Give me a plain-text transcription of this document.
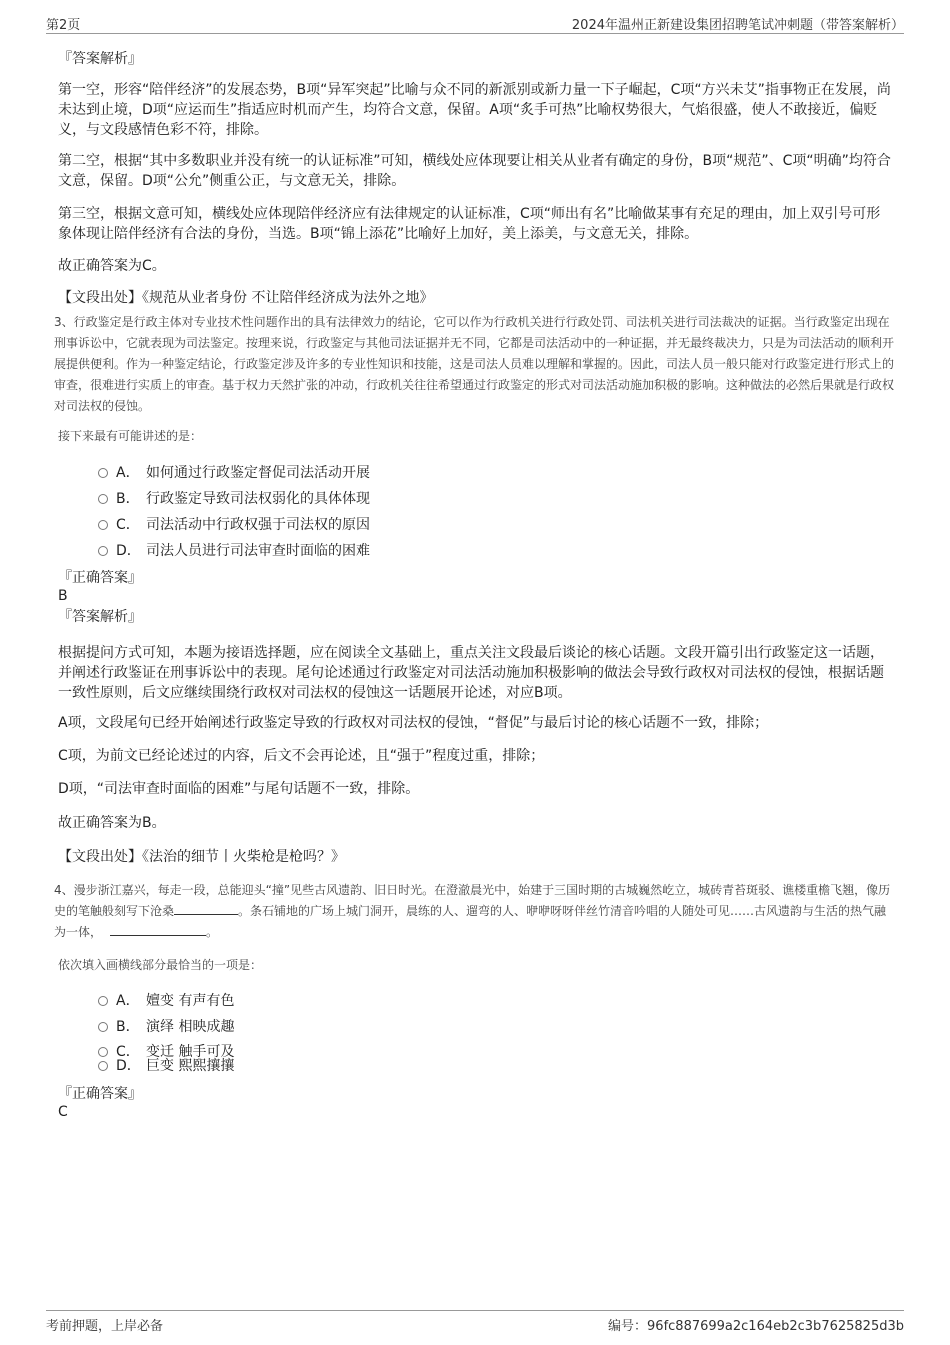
第2页	2024年温州正新建设集团招聘笔试冲刺题（带答案解析）
『答案解析』
第一空，形容“陪伴经济”的发展态势，B项“异军突起”比喻与众不同的新派别或新力量一下子崛起，C项“方兴未艾”指事物正在发展，尚未达到止境，D项“应运而生”指适应时机而产生，均符合文意，保留。A项“炙手可热”比喻权势很大，气焰很盛，使人不敢接近，偏贬义，与文段感情色彩不符，排除。
第二空，根据“其中多数职业并没有统一的认证标准”可知，横线处应体现要让相关从业者有确定的身份，B项“规范”、C项“明确”均符合文意，保留。D项“公允”侧重公正，与文意无关，排除。
第三空，根据文意可知，横线处应体现陪伴经济应有法律规定的认证标准，C项“师出有名”比喻做某事有充足的理由，加上双引号可形象体现让陪伴经济有合法的身份，当选。B项“锦上添花”比喻好上加好，美上添美，与文意无关，排除。
故正确答案为C。
【文段出处】《规范从业者身份 不让陪伴经济成为法外之地》
3、行政鉴定是行政主体对专业技术性问题作出的具有法律效力的结论，它可以作为行政机关进行行政处罚、司法机关进行司法裁决的证据。当行政鉴定出现在刑事诉讼中，它就表现为司法鉴定。按理来说，行政鉴定与其他司法证据并无不同，它都是司法活动中的一种证据，并无最终裁决力，只是为司法活动的顺利开展提供便利。作为一种鉴定结论，行政鉴定涉及许多的专业性知识和技能，这是司法人员难以理解和掌握的。因此，司法人员一般只能对行政鉴定进行形式上的审查，很难进行实质上的审查。基于权力天然扩张的冲动，行政机关往往希望通过行政鉴定的形式对司法活动施加积极的影响。这种做法的必然后果就是行政权对司法权的侵蚀。
接下来最有可能讲述的是：
A． 如何通过行政鉴定督促司法活动开展
B． 行政鉴定导致司法权弱化的具体体现
C． 司法活动中行政权强于司法权的原因
D． 司法人员进行司法审查时面临的困难
『正确答案』
B
『答案解析』
根据提问方式可知，本题为接语选择题，应在阅读全文基础上，重点关注文段最后谈论的核心话题。文段开篇引出行政鉴定这一话题，并阐述行政鉴证在刑事诉讼中的表现。尾句论述通过行政鉴定对司法活动施加积极影响的做法会导致行政权对司法权的侵蚀，根据话题一致性原则，后文应继续围绕行政权对司法权的侵蚀这一话题展开论述，对应B项。
A项，文段尾句已经开始阐述行政鉴定导致的行政权对司法权的侵蚀，“督促”与最后讨论的核心话题不一致，排除；
C项，为前文已经论述过的内容，后文不会再论述，且“强于”程度过重，排除；
D项，“司法审查时面临的困难”与尾句话题不一致，排除。
故正确答案为B。
【文段出处】《法治的细节丨火柴枪是枪吗？》
4、漫步浙江嘉兴，每走一段，总能迎头“撞”见些古风遗韵、旧日时光。在澄澈晨光中，始建于三国时期的古城巍然屹立，城砖青苔斑驳、谯楼重檐飞翘，像历史的笔触般刻写下沧桑	。条石铺地的广场上城门洞开，晨练的人、遛弯的人、咿咿呀呀伴丝竹清音吟唱的人随处可见……古风遗韵与生活的热气融为一体，	。
依次填入画横线部分最恰当的一项是：
A． 嬗变 有声有色
B． 演绎 相映成趣
C． 变迁 触手可及
D． 巨变 熙熙攘攘
『正确答案』
C
考前押题，上岸必备	编号：96fc887699a2c164eb2c3b7625825d3b
